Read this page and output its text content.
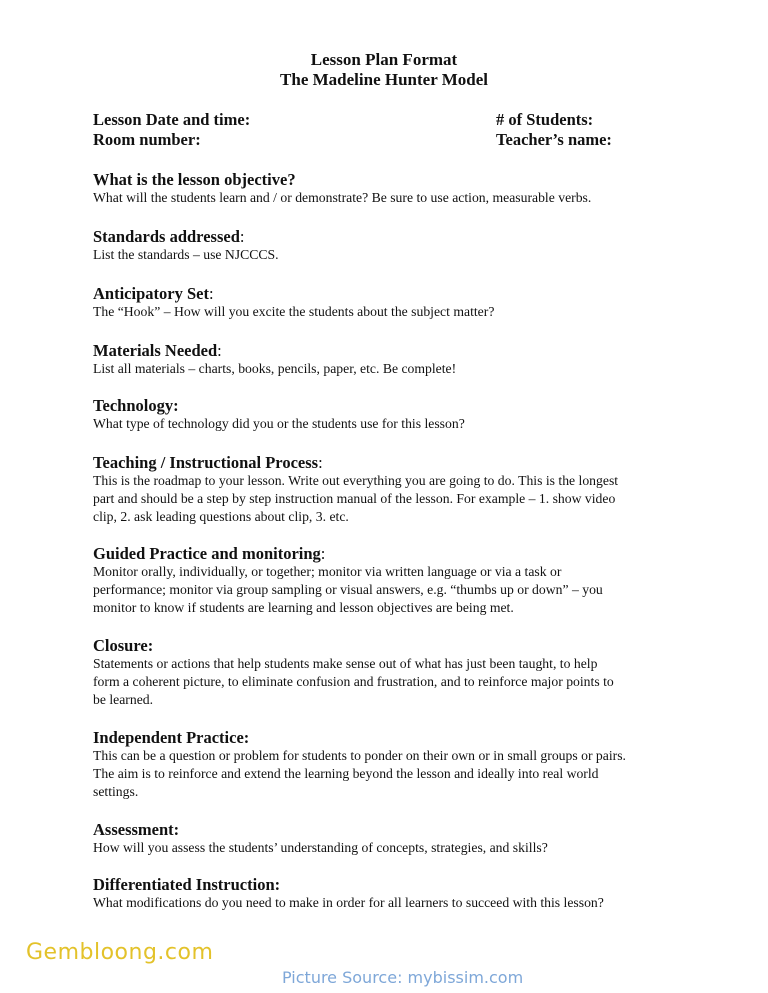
Lesson Plan Format
The Madeline Hunter Model
Lesson Date and time:
Room number:
# of Students:
Teacher’s name:
What is the lesson objective?
What will the students learn and / or demonstrate? Be sure to use action, measurable verbs.
Standards addressed:
List the standards – use NJCCCS.
Anticipatory Set:
The “Hook” – How will you excite the students about the subject matter?
Materials Needed:
List all materials – charts, books, pencils, paper, etc. Be complete!
Technology:
What type of technology did you or the students use for this lesson?
Teaching / Instructional Process:
This is the roadmap to your lesson. Write out everything you are going to do. This is the longest
part and should be a step by step instruction manual of the lesson. For example – 1. show video
clip, 2. ask leading questions about clip, 3. etc.
Guided Practice and monitoring:
Monitor orally, individually, or together; monitor via written language or via a task or
performance; monitor via group sampling or visual answers, e.g. “thumbs up or down” – you
monitor to know if students are learning and lesson objectives are being met.
Closure:
Statements or actions that help students make sense out of what has just been taught, to help
form a coherent picture, to eliminate confusion and frustration, and to reinforce major points to
be learned.
Independent Practice:
This can be a question or problem for students to ponder on their own or in small groups or pairs.
The aim is to reinforce and extend the learning beyond the lesson and ideally into real world
settings.
Assessment:
How will you assess the students’ understanding of concepts, strategies, and skills?
Differentiated Instruction:
What modifications do you need to make in order for all learners to succeed with this lesson?
Gembloong.com
Picture Source: mybissim.com
